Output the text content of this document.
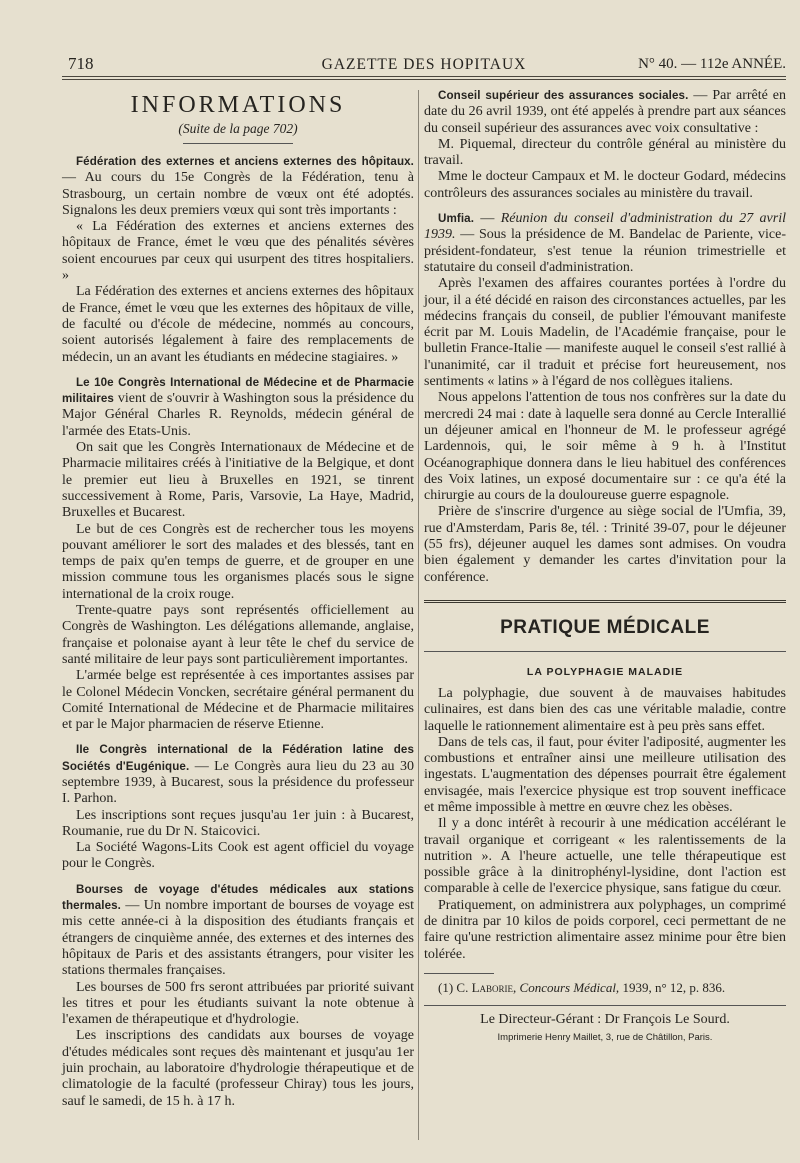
718	GAZETTE DES HOPITAUX	N° 40. — 112e ANNÉE.
INFORMATIONS
(Suite de la page 702)

Fédération des externes et anciens externes des hôpitaux. — Au cours du 15e Congrès de la Fédération, tenu à Strasbourg, un certain nombre de vœux ont été adoptés. Signalons les deux premiers vœux qui sont très importants :

« La Fédération des externes et anciens externes des hôpitaux de France, émet le vœu que des pénalités sévères soient encourues par ceux qui usurpent des titres hospitaliers. »

La Fédération des externes et anciens externes des hôpitaux de France, émet le vœu que les externes des hôpitaux de ville, de faculté ou d'école de médecine, nommés au concours, soient autorisés légalement à faire des remplacements de médecin, un an avant les étudiants en médecine stagiaires. »

Le 10e Congrès International de Médecine et de Pharmacie militaires vient de s'ouvrir à Washington sous la présidence du Major Général Charles R. Reynolds, médecin général de l'armée des Etats-Unis.

On sait que les Congrès Internationaux de Médecine et de Pharmacie militaires créés à l'initiative de la Belgique, et dont le premier eut lieu à Bruxelles en 1921, se tinrent successivement à Rome, Paris, Varsovie, La Haye, Madrid, Bruxelles et Bucarest.

Le but de ces Congrès est de rechercher tous les moyens pouvant améliorer le sort des malades et des blessés, tant en temps de paix qu'en temps de guerre, et de grouper en une mission commune tous les organismes placés sous le signe international de la croix rouge.

Trente-quatre pays sont représentés officiellement au Congrès de Washington. Les délégations allemande, anglaise, française et polonaise ayant à leur tête le chef du service de santé militaire de leur pays sont particulièrement importantes.

L'armée belge est représentée à ces importantes assises par le Colonel Médecin Voncken, secrétaire général permanent du Comité International de Médecine et de Pharmacie militaires et par le Major pharmacien de réserve Etienne.

IIe Congrès international de la Fédération latine des Sociétés d'Eugénique. — Le Congrès aura lieu du 23 au 30 septembre 1939, à Bucarest, sous la présidence du professeur I. Parhon.

Les inscriptions sont reçues jusqu'au 1er juin : à Bucarest, Roumanie, rue du Dr N. Staicovici.

La Société Wagons-Lits Cook est agent officiel du voyage pour le Congrès.

Bourses de voyage d'études médicales aux stations thermales. — Un nombre important de bourses de voyage est mis cette année-ci à la disposition des étudiants français et étrangers de cinquième année, des externes et des internes des hôpitaux de Paris et des assistants étrangers, pour visiter les stations thermales françaises.

Les bourses de 500 frs seront attribuées par priorité suivant les titres et pour les étudiants suivant la note obtenue à l'examen de thérapeutique et d'hydrologie.

Les inscriptions des candidats aux bourses de voyage d'études médicales sont reçues dès maintenant et jusqu'au 1er juin prochain, au laboratoire d'hydrologie thérapeutique et de climatologie de la faculté (professeur Chiray) tous les jours, sauf le samedi, de 15 h. à 17 h.

Conseil supérieur des assurances sociales. — Par arrêté en date du 26 avril 1939, ont été appelés à prendre part aux séances du conseil supérieur des assurances avec voix consultative :

M. Piquemal, directeur du contrôle général au ministère du travail.

Mme le docteur Campaux et M. le docteur Godard, médecins contrôleurs des assurances sociales au ministère du travail.

Umfia. — Réunion du conseil d'administration du 27 avril 1939. — Sous la présidence de M. Bandelac de Pariente, vice-président-fondateur, s'est tenue la réunion trimestrielle et statutaire du conseil d'administration.

Après l'examen des affaires courantes portées à l'ordre du jour, il a été décidé en raison des circonstances actuelles, par les médecins français du conseil, de publier l'émouvant manifeste écrit par M. Louis Madelin, de l'Académie française, pour le bulletin France-Italie — manifeste auquel le conseil s'est rallié à l'unanimité, car il traduit et précise fort heureusement, nos sentiments « latins » à l'égard de nos collègues italiens.

Nous appelons l'attention de tous nos confrères sur la date du mercredi 24 mai : date à laquelle sera donné au Cercle Interallié un déjeuner amical en l'honneur de M. le professeur agrégé Lardennois, qui, le soir même à 9 h. à l'Institut Océanographique donnera dans le lieu habituel des conférences des Voix latines, un exposé documentaire sur : ce qu'a été la chirurgie au cours de la douloureuse guerre espagnole.

Prière de s'inscrire d'urgence au siège social de l'Umfia, 39, rue d'Amsterdam, Paris 8e, tél. : Trinité 39-07, pour le déjeuner (55 frs), déjeuner auquel les dames sont admises. On voudra bien également y demander les cartes d'invitation pour la conférence.

PRATIQUE MÉDICALE
LA POLYPHAGIE MALADIE

La polyphagie, due souvent à de mauvaises habitudes culinaires, est dans bien des cas une véritable maladie, contre laquelle le rationnement alimentaire est à peu près sans effet.

Dans de tels cas, il faut, pour éviter l'adiposité, augmenter les combustions et entraîner ainsi une meilleure utilisation des ingestats. L'augmentation des dépenses pourrait être également envisagée, mais l'exercice physique est trop souvent inefficace et même impossible à mettre en œuvre chez les obèses.

Il y a donc intérêt à recourir à une médication accélérant le travail organique et corrigeant « les ralentissements de la nutrition ». A l'heure actuelle, une telle thérapeutique est possible grâce à la dinitrophényl-lysidine, dont l'action est comparable à celle de l'exercice physique, sans fatigue du cœur.

Pratiquement, on administrera aux polyphages, un comprimé de dinitra par 10 kilos de poids corporel, ceci permettant de ne faire qu'une restriction alimentaire assez minime pour être bien tolérée.

(1) C. Laborie, Concours Médical, 1939, n° 12, p. 836.

Le Directeur-Gérant : Dr François Le Sourd.
Imprimerie Henry Maillet, 3, rue de Châtillon, Paris.
